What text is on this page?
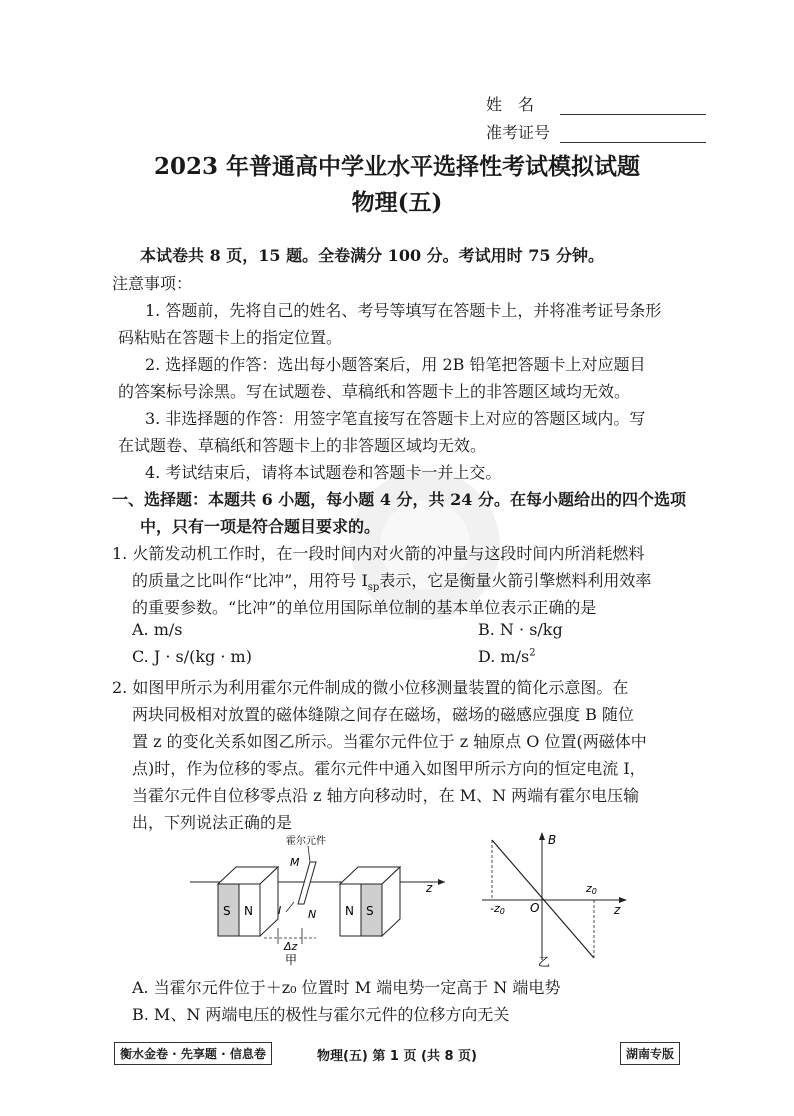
姓　名
准考证号
2023 年普通高中学业水平选择性考试模拟试题
物理(五)
本试卷共 8 页，15 题。全卷满分 100 分。考试用时 75 分钟。
注意事项：
1. 答题前，先将自己的姓名、考号等填写在答题卡上，并将准考证号条形
码粘贴在答题卡上的指定位置。
2. 选择题的作答：选出每小题答案后，用 2B 铅笔把答题卡上对应题目
的答案标号涂黑。写在试题卷、草稿纸和答题卡上的非答题区域均无效。
3. 非选择题的作答：用签字笔直接写在答题卡上对应的答题区域内。写
在试题卷、草稿纸和答题卡上的非答题区域均无效。
4. 考试结束后，请将本试题卷和答题卡一并上交。
一、选择题：本题共 6 小题，每小题 4 分，共 24 分。在每小题给出的四个选项
中，只有一项是符合题目要求的。
1. 火箭发动机工作时，在一段时间内对火箭的冲量与这段时间内所消耗燃料
的质量之比叫作“比冲”，用符号 $I_{sp}$表示，它是衡量火箭引擎燃料利用效率
的重要参数。“比冲”的单位用国际单位制的基本单位表示正确的是
A. m/s	B. N · s/kg
C. J · s/(kg · m)	D. $m/s^2$
2. 如图甲所示为利用霍尔元件制成的微小位移测量装置的简化示意图。在
两块同极相对放置的磁体缝隙之间存在磁场，磁场的磁感应强度 B 随位
置 z 的变化关系如图乙所示。当霍尔元件位于 z 轴原点 O 位置(两磁体中
点)时，作为位移的零点。霍尔元件中通入如图甲所示方向的恒定电流 I，
当霍尔元件自位移零点沿 z 轴方向移动时，在 M、N 两端有霍尔电压输
出，下列说法正确的是
z
S N
霍尔元件
M
N
I
Δz
甲
N S
B
z
O
-z0
z0
乙
A. 当霍尔元件位于＋z₀ 位置时 M 端电势一定高于 N 端电势
B. M、N 两端电压的极性与霍尔元件的位移方向无关
衡水金卷 · 先享题 · 信息卷	物理(五) 第 1 页 (共 8 页)	湖南专版
